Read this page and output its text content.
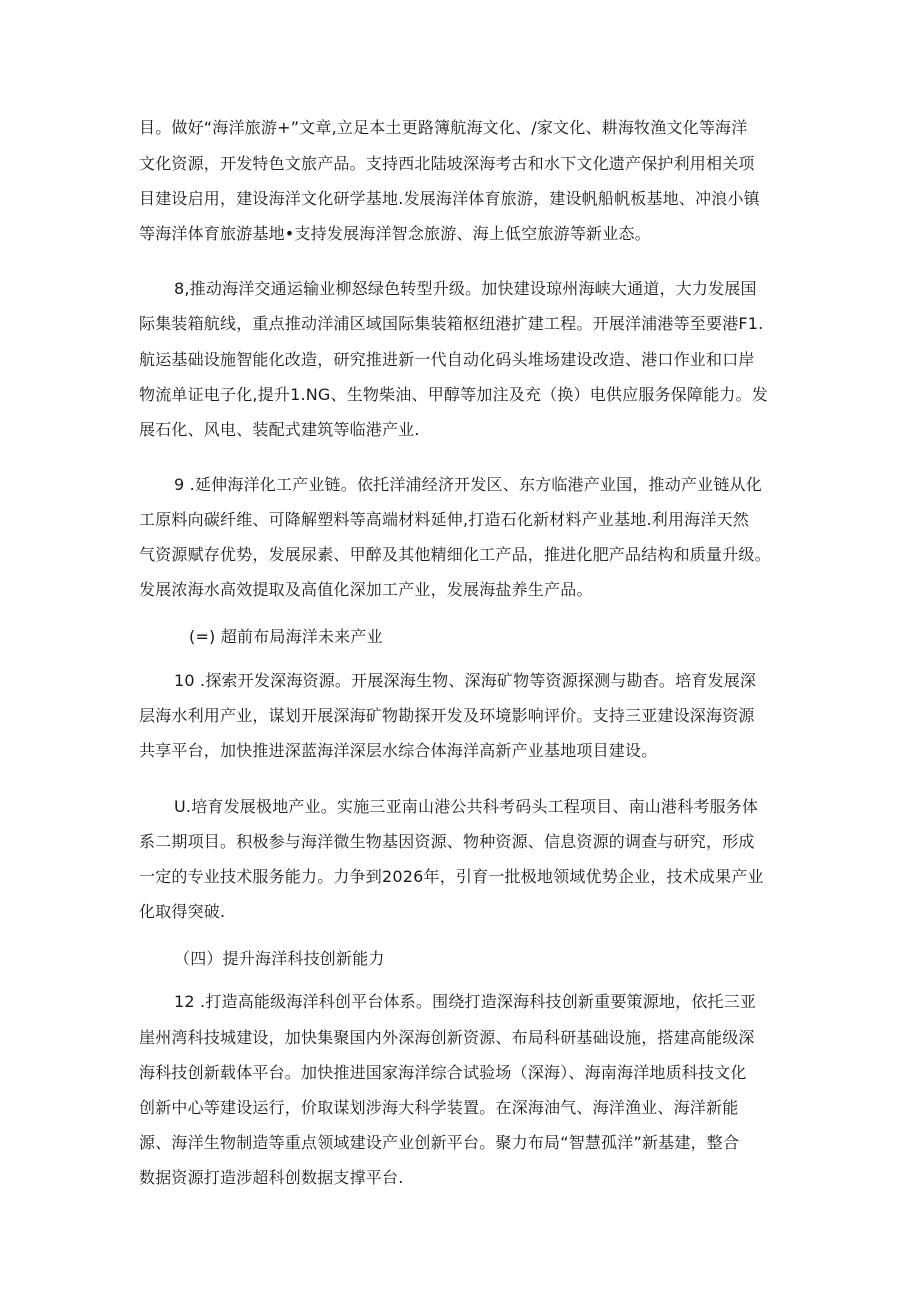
目。做好“海洋旅游+”文章,立足本土更路簿航海文化、/家文化、耕海牧渔文化等海洋
文化资源，开发特色文旅产品。支持西北陆坡深海考古和水下文化遗产保护利用相关项
目建设启用，建设海洋文化研学基地.发展海洋体育旅游，建设帆船帆板基地、冲浪小镇
等海洋体育旅游基地•支持发展海洋智念旅游、海上低空旅游等新业态。
8,推动海洋交通运输业柳怒绿色转型升级。加快建设琼州海峡大通道，大力发展国
际集装箱航线，重点推动洋浦区域国际集装箱枢纽港扩建工程。开展洋浦港等至要港F1.
航运基础设施智能化改造，研究推进新一代自动化码头堆场建设改造、港口作业和口岸
物流单证电子化,提升1.NG、生物柴油、甲醇等加注及充（换）电供应服务保障能力。发
展石化、风电、装配式建筑等临港产业.
9 .延伸海洋化工产业链。依托洋浦经济开发区、东方临港产业国，推动产业链从化
工原料向碳纤维、可降解塑料等高端材料延伸,打造石化新材料产业基地.利用海洋天然
气资源赋存优势，发展尿素、甲醉及其他精细化工产品，推进化肥产品结构和质量升级。
发展浓海水高效提取及高值化深加工产业，发展海盐养生产品。
(=) 超前布局海洋未来产业
10 .探索开发深海资源。开展深海生物、深海矿物等资源探测与勘杳。培育发展深
层海水利用产业，谋划开展深海矿物勘探开发及环境影响评价。支持三亚建设深海资源
共享平台，加快推进深蓝海洋深层水综合体海洋高新产业基地项目建设。
U.培育发展极地产业。实施三亚南山港公共科考码头工程项目、南山港科考服务体
系二期项目。积极参与海洋微生物基因资源、物种资源、信息资源的调查与研究，形成
一定的专业技术服务能力。力争到2026年，引育一批极地领域优势企业，技术成果产业
化取得突破.
（四）提升海洋科技创新能力
12 .打造高能级海洋科创平台体系。围绕打造深海科技创新重要策源地，依托三亚
崖州湾科技城建设，加快集聚国内外深海创新资源、布局科研基础设施，搭建高能级深
海科技创新载体平台。加快推进国家海洋综合试验场（深海）、海南海洋地质科技文化
创新中心等建设运行，价取谋划涉海大科学装置。在深海油气、海洋渔业、海洋新能
源、海洋生物制造等重点领域建设产业创新平台。聚力布局“智慧孤洋”新基建，整合
数据资源打造涉超科创数据支撑平台.
